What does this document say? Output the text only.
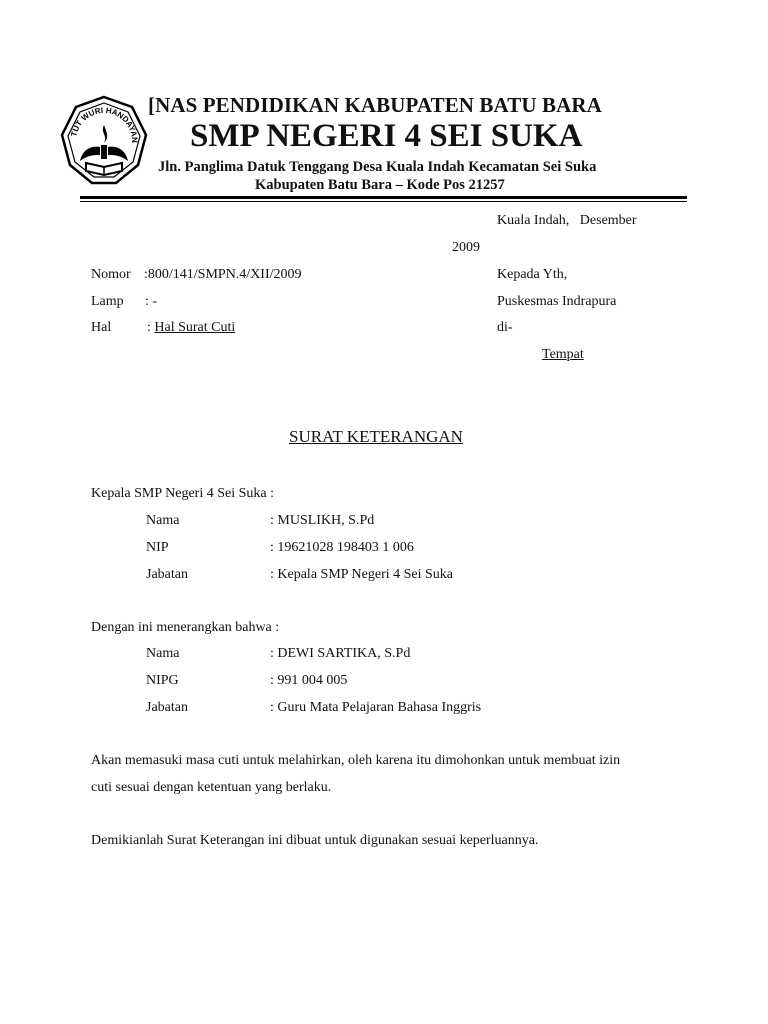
TUT WURI HANDAYAN
[NAS PENDIDIKAN KABUPATEN BATU BARA
SMP NEGERI 4 SEI SUKA
Jln. Panglima Datuk Tenggang Desa Kuala Indah Kecamatan Sei Suka
Kabupaten Batu Bara – Kode Pos 21257
Kuala Indah,   Desember
2009
Nomor :800/141/SMPN.4/XII/2009
Lamp : -
Hal	: Hal Surat Cuti
Kepada Yth,
Puskesmas Indrapura
di-
Tempat
SURAT KETERANGAN
Kepala SMP Negeri 4 Sei Suka :
Nama	: MUSLIKH, S.Pd
NIP	: 19621028 198403 1 006
Jabatan	: Kepala SMP Negeri 4 Sei Suka
Dengan ini menerangkan bahwa :
Nama	: DEWI SARTIKA, S.Pd
NIPG	: 991 004 005
Jabatan	: Guru Mata Pelajaran Bahasa Inggris
Akan memasuki masa cuti untuk melahirkan, oleh karena itu dimohonkan untuk membuat izin
cuti sesuai dengan ketentuan yang berlaku.
Demikianlah Surat Keterangan ini dibuat untuk digunakan sesuai keperluannya.
